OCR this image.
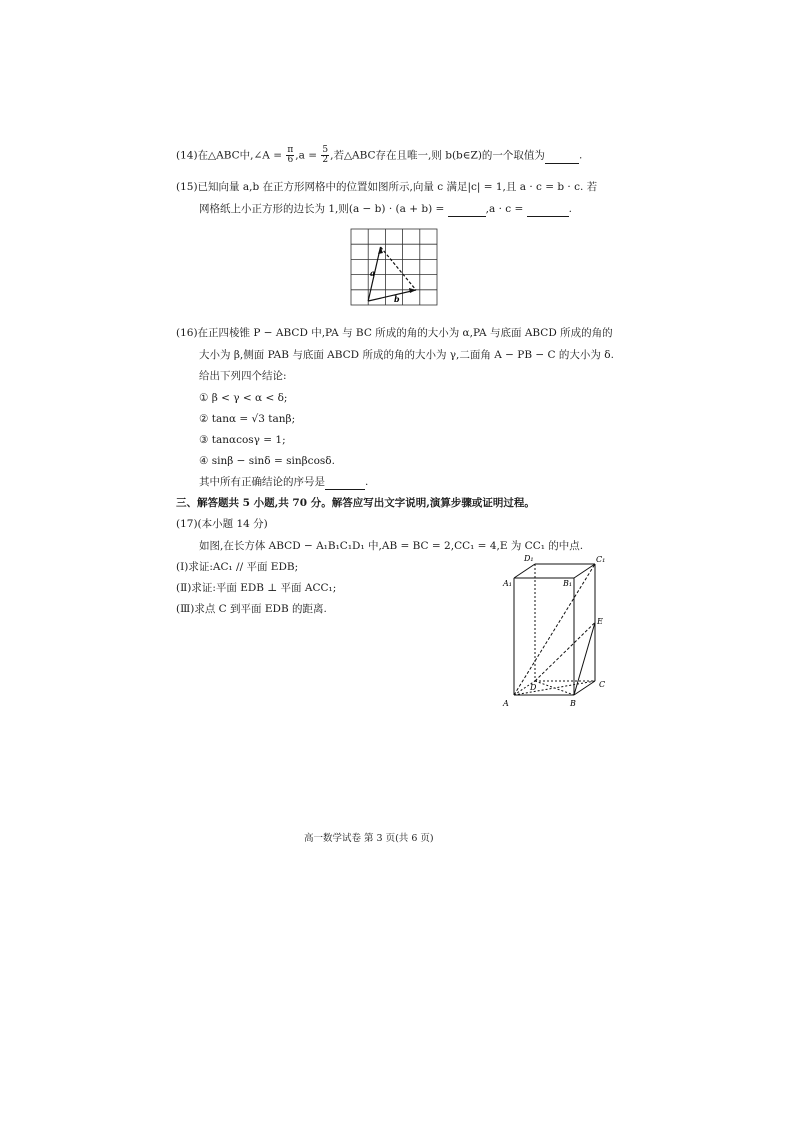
(14)在△ABC中,∠A = $\frac{\pi}{6} ,a = \frac{5}{2}$ ,若△ABC存在且唯一,则 b(b∈Z)的一个取值为	.
(15)已知向量 a,b 在正方形网格中的位置如图所示,向量 c 满足|c| = 1,且 a · c = b · c. 若
网格纸上小正方形的边长为 1,则(a − b) · (a + b) =	,a · c =	.
a
b
(16)在正四棱锥 P − ABCD 中,PA 与 BC 所成的角的大小为 α,PA 与底面 ABCD 所成的角的
大小为 β,侧面 PAB 与底面 ABCD 所成的角的大小为 γ,二面角 A − PB − C 的大小为 δ.
给出下列四个结论:
① β < γ < α < δ;
② tanα = √3 tanβ;
③ tanαcosγ = 1;
④ sinβ − sinδ = sinβcosδ.
其中所有正确结论的序号是	.
三、解答题共 5 小题,共 70 分。解答应写出文字说明,演算步骤或证明过程。
(17)(本小题 14 分)
如图,在长方体 ABCD − A₁B₁C₁D₁ 中,AB = BC = 2,CC₁ = 4,E 为 CC₁ 的中点.
(Ⅰ)求证:AC₁ // 平面 EDB;
(Ⅱ)求证:平面 EDB ⊥ 平面 ACC₁;
(Ⅲ)求点 C 到平面 EDB 的距离.
A	B
C
D
A₁	B₁
C₁
D₁
E
高一数学试卷 第 3 页(共 6 页)
